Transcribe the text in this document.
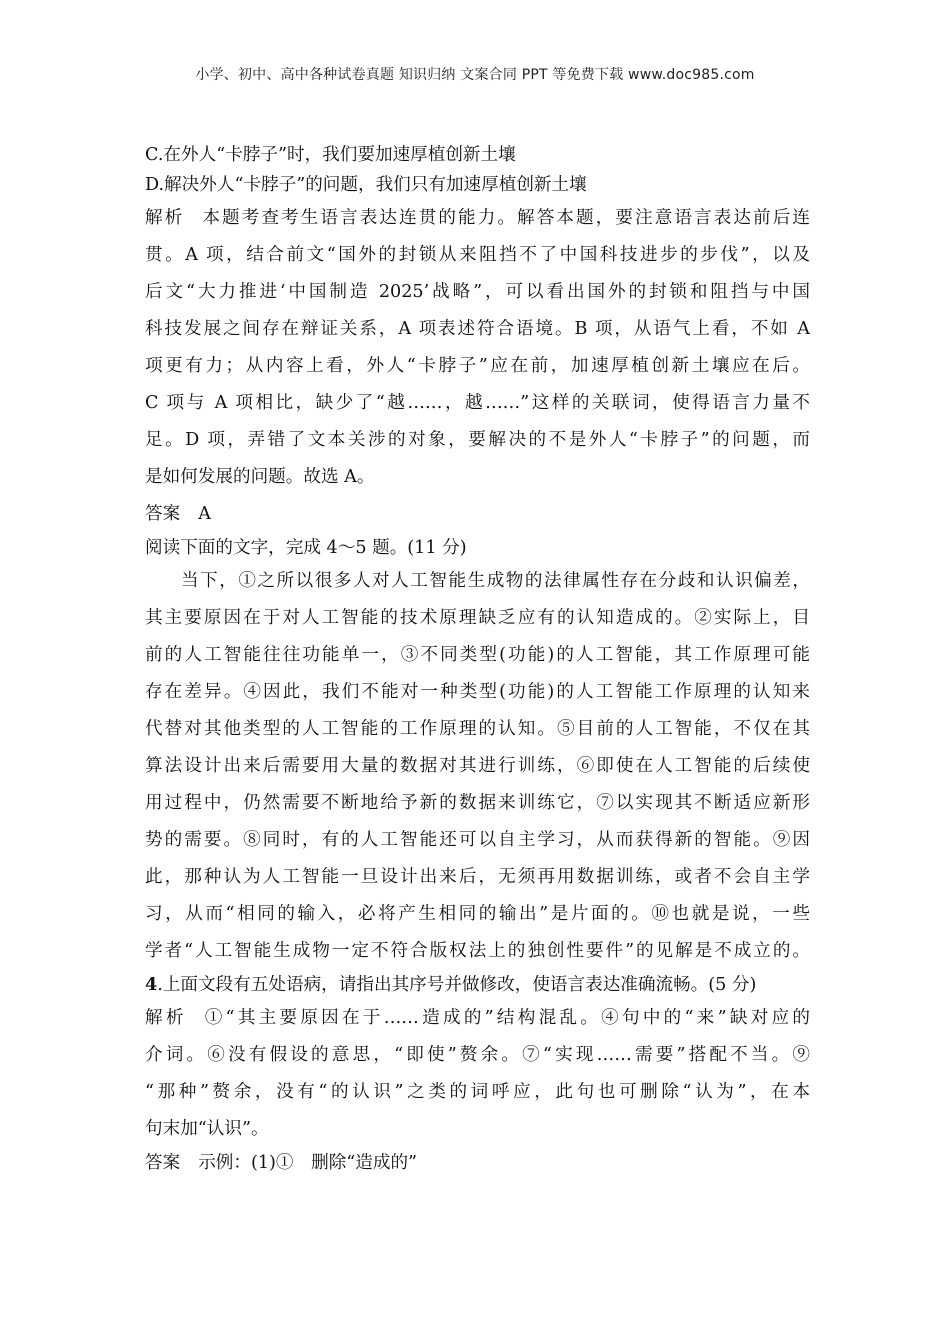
小学、初中、高中各种试卷真题 知识归纳 文案合同 PPT 等免费下载 www.doc985.com
C.在外人“卡脖子”时，我们要加速厚植创新土壤
D.解决外人“卡脖子”的问题，我们只有加速厚植创新土壤
解析 本题考查考生语言表达连贯的能力。解答本题，要注意语言表达前后连
贯。A 项，结合前文“国外的封锁从来阻挡不了中国科技进步的步伐”，以及
后文“大力推进‘中国制造 2025’战略”，可以看出国外的封锁和阻挡与中国
科技发展之间存在辩证关系，A 项表述符合语境。B 项，从语气上看，不如 A
项更有力；从内容上看，外人“卡脖子”应在前，加速厚植创新土壤应在后。
C 项与 A 项相比，缺少了“越……，越……”这样的关联词，使得语言力量不
足。D 项，弄错了文本关涉的对象，要解决的不是外人“卡脖子”的问题，而
是如何发展的问题。故选 A。
答案 A
阅读下面的文字，完成 4～5 题。(11 分)
当下，①之所以很多人对人工智能生成物的法律属性存在分歧和认识偏差，
其主要原因在于对人工智能的技术原理缺乏应有的认知造成的。②实际上，目
前的人工智能往往功能单一，③不同类型(功能)的人工智能，其工作原理可能
存在差异。④因此，我们不能对一种类型(功能)的人工智能工作原理的认知来
代替对其他类型的人工智能的工作原理的认知。⑤目前的人工智能，不仅在其
算法设计出来后需要用大量的数据对其进行训练，⑥即使在人工智能的后续使
用过程中，仍然需要不断地给予新的数据来训练它，⑦以实现其不断适应新形
势的需要。⑧同时，有的人工智能还可以自主学习，从而获得新的智能。⑨因
此，那种认为人工智能一旦设计出来后，无须再用数据训练，或者不会自主学
习，从而“相同的输入，必将产生相同的输出”是片面的。⑩也就是说，一些
学者“人工智能生成物一定不符合版权法上的独创性要件”的见解是不成立的。
4.上面文段有五处语病，请指出其序号并做修改，使语言表达准确流畅。(5 分)
解析 ①“其主要原因在于……造成的”结构混乱。④句中的“来”缺对应的
介词。⑥没有假设的意思，“即使”赘余。⑦“实现……需要”搭配不当。⑨
“那种”赘余，没有“的认识”之类的词呼应，此句也可删除“认为”，在本
句末加“认识”。
答案 示例：(1)①　删除“造成的”
